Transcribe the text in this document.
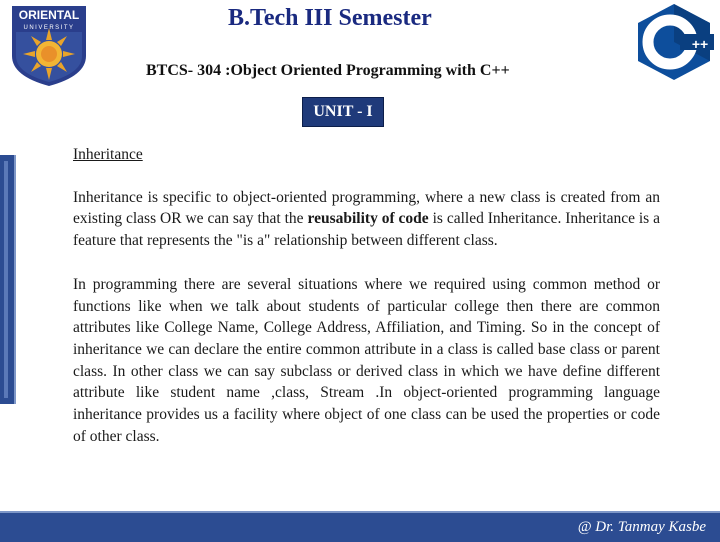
ORIENTAL
UNIVERSITY
++
B.Tech III Semester
BTCS- 304 :Object Oriented Programming with C++
UNIT - I

Inheritance

Inheritance is specific to object-oriented programming, where a new class is created from an existing class OR we can say that the reusability of code is called Inheritance. Inheritance is a feature that represents the "is a" relationship between different class.

In programming there are several situations where we required using common method or functions like when we talk about students of particular college then there are common attributes like College Name, College Address, Affiliation, and Timing. So in the concept of inheritance we can declare the entire common attribute in a class is called base class or parent class. In other class we can say subclass or derived class in which we have define different attribute like student name ,class, Stream .In object-oriented programming language inheritance provides us a facility where object of one class can be used the properties or code of other class.

@ Dr. Tanmay Kasbe
